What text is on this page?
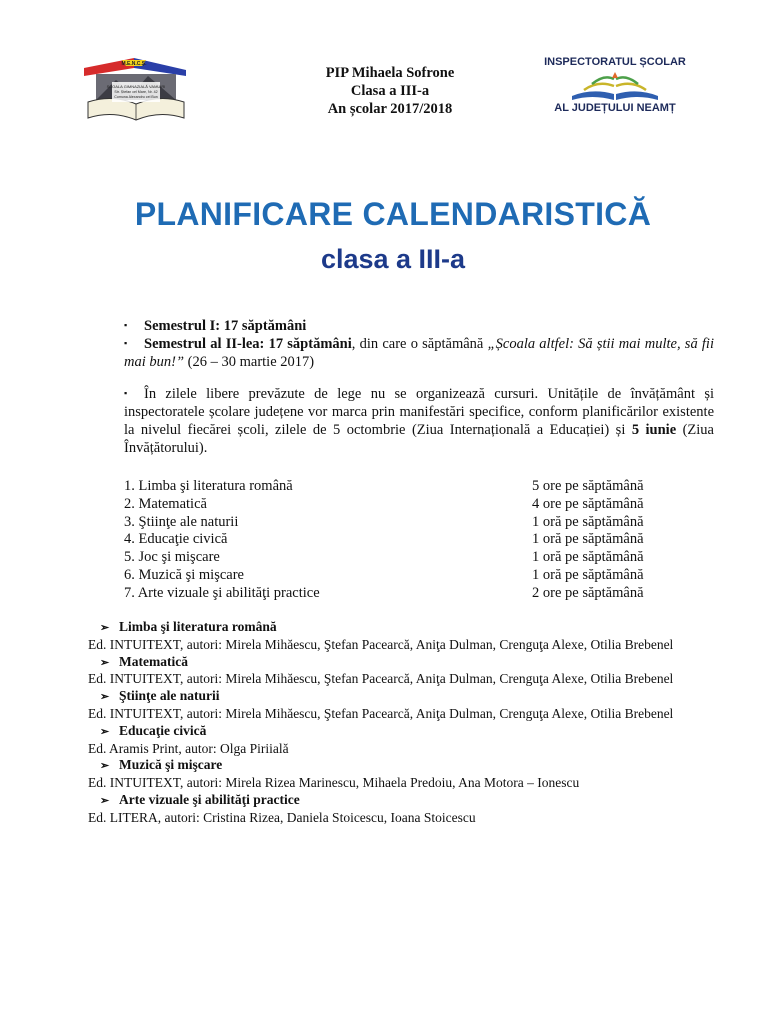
M.E.N.C.Ș.
ȘCOALA GIMNAZIALĂ VAMUIRI
Str. Ștefan cel Mare, Nr. 42
Comuna Alexandru cel Bun
PIP Mihaela Sofrone
Clasa a III-a
An școlar 2017/2018
INSPECTORATUL ȘCOLAR
AL JUDEȚULUI NEAMȚ
PLANIFICARE CALENDARISTICĂ
clasa a III-a
▪ Semestrul I: 17 săptămâni
▪ Semestrul al II-lea: 17 săptămâni, din care o săptămână „Școala altfel: Să știi mai multe, să fii mai bun!” (26 – 30 martie 2017)
▪ În zilele libere prevăzute de lege nu se organizează cursuri. Unitățile de învățământ și inspectoratele școlare județene vor marca prin manifestări specifice, conform planificărilor existente la nivelul fiecărei școli, zilele de 5 octombrie (Ziua Internațională a Educației) și 5 iunie (Ziua Învățătorului).
1. Limba şi literatura română	5 ore pe săptămână
2. Matematică	4 ore pe săptămână
3. Ştiinţe ale naturii	1 oră pe săptămână
4. Educaţie civică	1 oră pe săptămână
5. Joc şi mişcare	1 oră pe săptămână
6. Muzică şi mişcare	1 oră pe săptămână
7. Arte vizuale şi abilităţi practice	2 ore pe săptămână
➢ Limba şi literatura română
Ed. INTUITEXT, autori: Mirela Mihăescu, Ştefan Pacearcă, Aniţa Dulman, Crenguţa Alexe, Otilia Brebenel
➢ Matematică
Ed. INTUITEXT, autori: Mirela Mihăescu, Ştefan Pacearcă, Aniţa Dulman, Crenguţa Alexe, Otilia Brebenel
➢ Ştiinţe ale naturii
Ed. INTUITEXT, autori: Mirela Mihăescu, Ştefan Pacearcă, Aniţa Dulman, Crenguţa Alexe, Otilia Brebenel
➢ Educaţie civică
Ed. Aramis Print, autor: Olga Piriială
➢ Muzică şi mişcare
Ed. INTUITEXT, autori: Mirela Rizea Marinescu, Mihaela Predoiu, Ana Motora – Ionescu
➢ Arte vizuale şi abilităţi practice
Ed. LITERA, autori: Cristina Rizea, Daniela Stoicescu, Ioana Stoicescu
